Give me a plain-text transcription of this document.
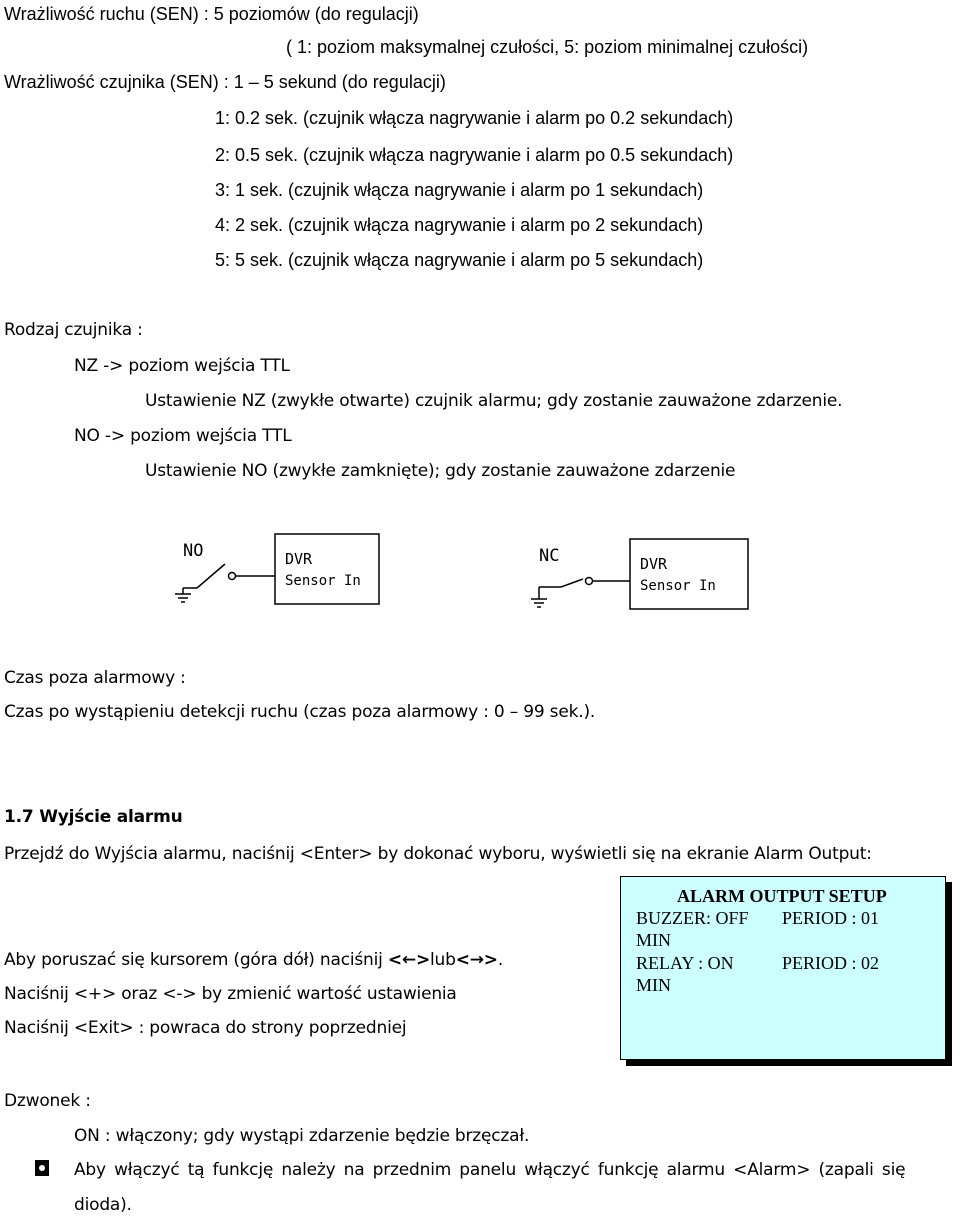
Wrażliwość ruchu (SEN) : 5 poziomów (do regulacji)
( 1: poziom maksymalnej czułości, 5: poziom minimalnej czułości)
Wrażliwość czujnika (SEN) : 1 – 5 sekund (do regulacji)
1: 0.2 sek. (czujnik włącza nagrywanie i alarm po 0.2 sekundach)
2: 0.5 sek. (czujnik włącza nagrywanie i alarm po 0.5 sekundach)
3: 1 sek. (czujnik włącza nagrywanie i alarm po 1 sekundach)
4: 2 sek. (czujnik włącza nagrywanie i alarm po 2 sekundach)
5: 5 sek. (czujnik włącza nagrywanie i alarm po 5 sekundach)
Rodzaj czujnika :
NZ -> poziom wejścia TTL
Ustawienie NZ (zwykłe otwarte) czujnik alarmu; gdy zostanie zauważone zdarzenie.
NO -> poziom wejścia TTL
Ustawienie NO (zwykłe zamknięte); gdy zostanie zauważone zdarzenie
NO	DVR
Sensor In
NC	DVR
Sensor In
Czas poza alarmowy :
Czas po wystąpieniu detekcji ruchu (czas poza alarmowy : 0 – 99 sek.).
1.7 Wyjście alarmu
Przejdź do Wyjścia alarmu, naciśnij <Enter> by dokonać wyboru, wyświetli się na ekranie Alarm Output:
Aby poruszać się kursorem (góra dół) naciśnij <←>lub<→>.
Naciśnij <+> oraz <-> by zmienić wartość ustawienia
Naciśnij <Exit> : powraca do strony poprzedniej
ALARM OUTPUT SETUP
BUZZER: OFF PERIOD : 01
MIN
RELAY : ON	PERIOD : 02
MIN
Dzwonek :
ON : włączony; gdy wystąpi zdarzenie będzie brzęczał.
Aby włączyć tą funkcję należy na przednim panelu włączyć funkcję alarmu <Alarm> (zapali się
dioda).
